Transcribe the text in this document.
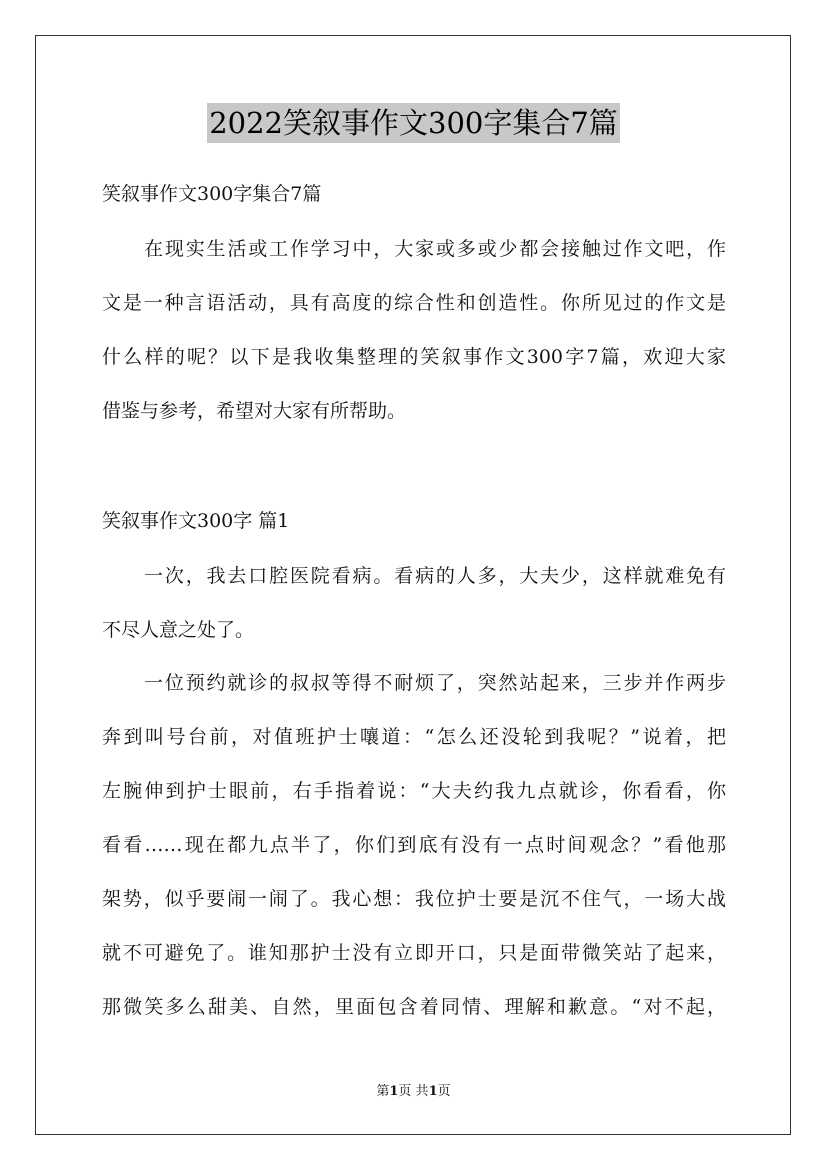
2022笑叙事作文300字集合7篇
笑叙事作文300字集合7篇
在现实生活或工作学习中，大家或多或少都会接触过作文吧，作
文是一种言语活动，具有高度的综合性和创造性。你所见过的作文是
什么样的呢？以下是我收集整理的笑叙事作文300字7篇，欢迎大家
借鉴与参考，希望对大家有所帮助。
笑叙事作文300字 篇1
一次，我去口腔医院看病。看病的人多，大夫少，这样就难免有
不尽人意之处了。
一位预约就诊的叔叔等得不耐烦了，突然站起来，三步并作两步
奔到叫号台前，对值班护士嚷道：“怎么还没轮到我呢？”说着，把
左腕伸到护士眼前，右手指着说：“大夫约我九点就诊，你看看，你
看看……现在都九点半了，你们到底有没有一点时间观念？”看他那
架势，似乎要闹一闹了。我心想：我位护士要是沉不住气，一场大战
就不可避免了。谁知那护士没有立即开口，只是面带微笑站了起来，
那微笑多么甜美、自然，里面包含着同情、理解和歉意。“对不起，
第1页 共1页
